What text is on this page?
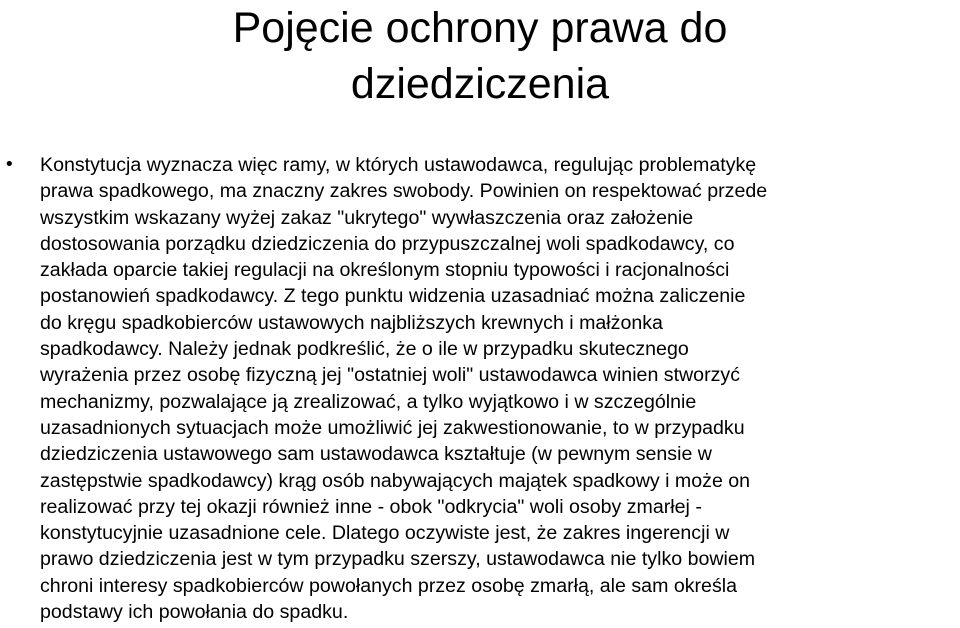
Pojęcie ochrony prawa do
dziedziczenia
• Konstytucja wyznacza więc ramy, w których ustawodawca, regulując problematykę
prawa spadkowego, ma znaczny zakres swobody. Powinien on respektować przede
wszystkim wskazany wyżej zakaz "ukrytego" wywłaszczenia oraz założenie
dostosowania porządku dziedziczenia do przypuszczalnej woli spadkodawcy, co
zakłada oparcie takiej regulacji na określonym stopniu typowości i racjonalności
postanowień spadkodawcy. Z tego punktu widzenia uzasadniać można zaliczenie
do kręgu spadkobierców ustawowych najbliższych krewnych i małżonka
spadkodawcy. Należy jednak podkreślić, że o ile w przypadku skutecznego
wyrażenia przez osobę fizyczną jej "ostatniej woli" ustawodawca winien stworzyć
mechanizmy, pozwalające ją zrealizować, a tylko wyjątkowo i w szczególnie
uzasadnionych sytuacjach może umożliwić jej zakwestionowanie, to w przypadku
dziedziczenia ustawowego sam ustawodawca kształtuje (w pewnym sensie w
zastępstwie spadkodawcy) krąg osób nabywających majątek spadkowy i może on
realizować przy tej okazji również inne - obok "odkrycia" woli osoby zmarłej -
konstytucyjnie uzasadnione cele. Dlatego oczywiste jest, że zakres ingerencji w
prawo dziedziczenia jest w tym przypadku szerszy, ustawodawca nie tylko bowiem
chroni interesy spadkobierców powołanych przez osobę zmarłą, ale sam określa
podstawy ich powołania do spadku.
